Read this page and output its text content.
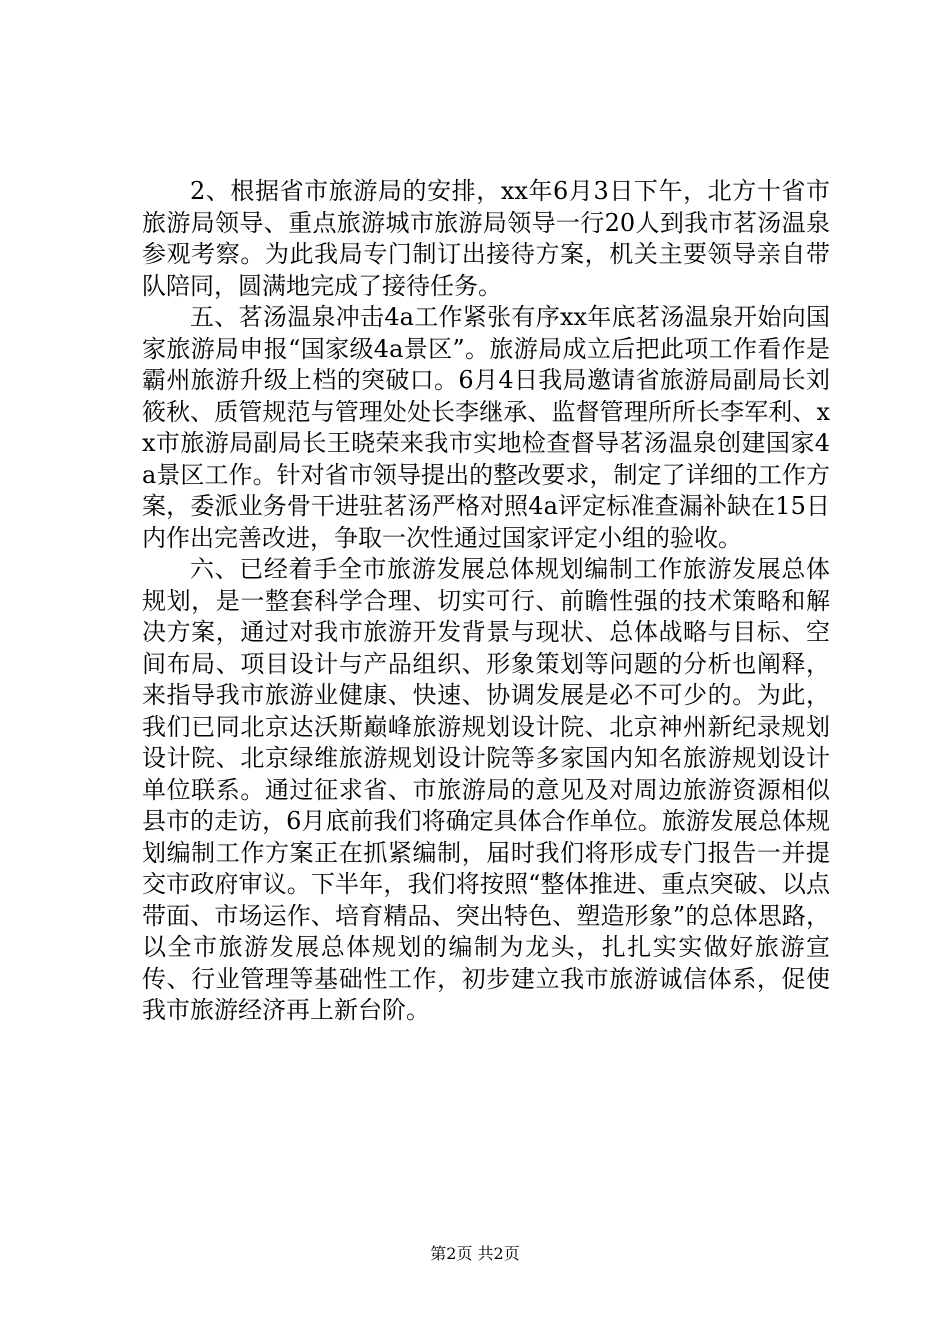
2、根据省市旅游局的安排，xx年6月3日下午，北方十省市旅游局领导、重点旅游城市旅游局领导一行20人到我市茗汤温泉参观考察。为此我局专门制订出接待方案，机关主要领导亲自带队陪同，圆满地完成了接待任务。

五、茗汤温泉冲击4a工作紧张有序xx年底茗汤温泉开始向国家旅游局申报“国家级4a景区”。旅游局成立后把此项工作看作是霸州旅游升级上档的突破口。6月4日我局邀请省旅游局副局长刘筱秋、质管规范与管理处处长李继承、监督管理所所长李军利、xx市旅游局副局长王晓荣来我市实地检查督导茗汤温泉创建国家4a景区工作。针对省市领导提出的整改要求，制定了详细的工作方案，委派业务骨干进驻茗汤严格对照4a评定标准查漏补缺在15日内作出完善改进，争取一次性通过国家评定小组的验收。

六、已经着手全市旅游发展总体规划编制工作旅游发展总体规划，是一整套科学合理、切实可行、前瞻性强的技术策略和解决方案，通过对我市旅游开发背景与现状、总体战略与目标、空间布局、项目设计与产品组织、形象策划等问题的分析也阐释，来指导我市旅游业健康、快速、协调发展是必不可少的。为此，我们已同北京达沃斯巅峰旅游规划设计院、北京神州新纪录规划设计院、北京绿维旅游规划设计院等多家国内知名旅游规划设计单位联系。通过征求省、市旅游局的意见及对周边旅游资源相似县市的走访，6月底前我们将确定具体合作单位。旅游发展总体规划编制工作方案正在抓紧编制，届时我们将形成专门报告一并提交市政府审议。下半年，我们将按照“整体推进、重点突破、以点带面、市场运作、培育精品、突出特色、塑造形象”的总体思路，以全市旅游发展总体规划的编制为龙头，扎扎实实做好旅游宣传、行业管理等基础性工作，初步建立我市旅游诚信体系，促使我市旅游经济再上新台阶。

第2页 共2页
